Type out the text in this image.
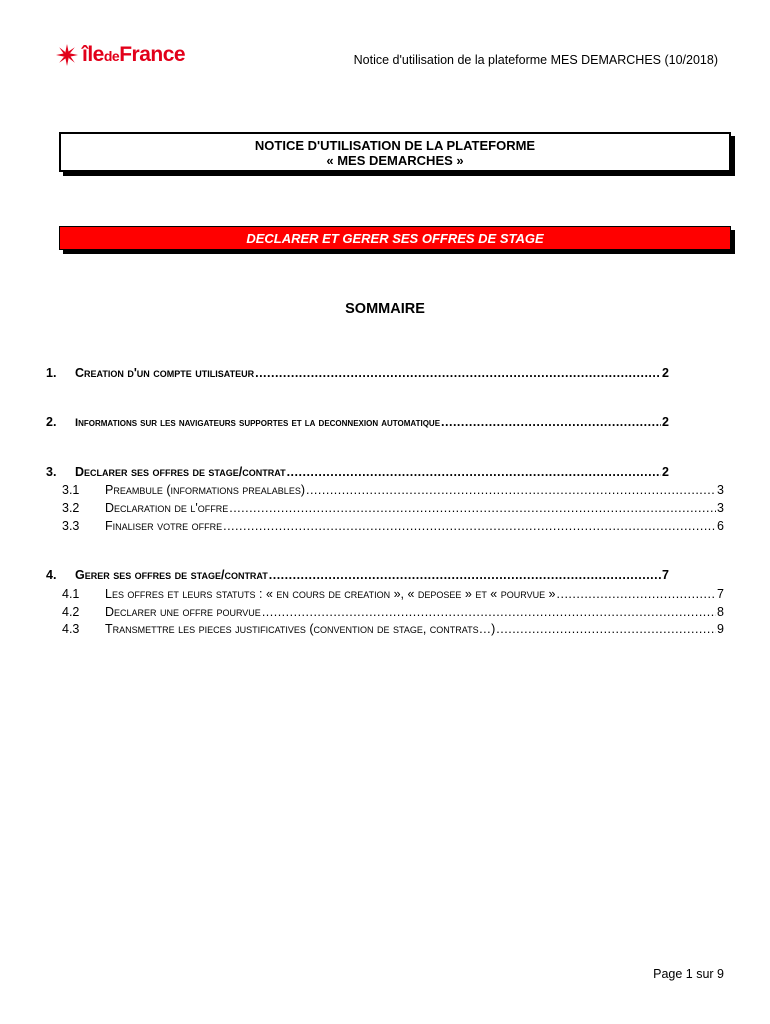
îledeFrance	Notice d'utilisation de la plateforme MES DEMARCHES (10/2018)
NOTICE D'UTILISATION DE LA PLATEFORME
« MES DEMARCHES »
DECLARER ET GERER SES OFFRES DE STAGE
SOMMAIRE
1.	Creation d'un compte utilisateur .....	2
2.	Informations sur les navigateurs supportes et la deconnexion automatique .....	2
3.	Declarer ses offres de stage/contrat .....	2
3.1	Preambule (informations prealables) .....	3
3.2	Declaration de l'offre .....	3
3.3	Finaliser votre offre .....	6
4.	Gerer ses offres de stage/contrat .....	7
4.1	Les offres et leurs statuts : « en cours de creation », « deposee » et « pourvue » .....	7
4.2	Declarer une offre pourvue .....	8
4.3	Transmettre les pieces justificatives (convention de stage, contrats…) .....	9
Page 1 sur 9
